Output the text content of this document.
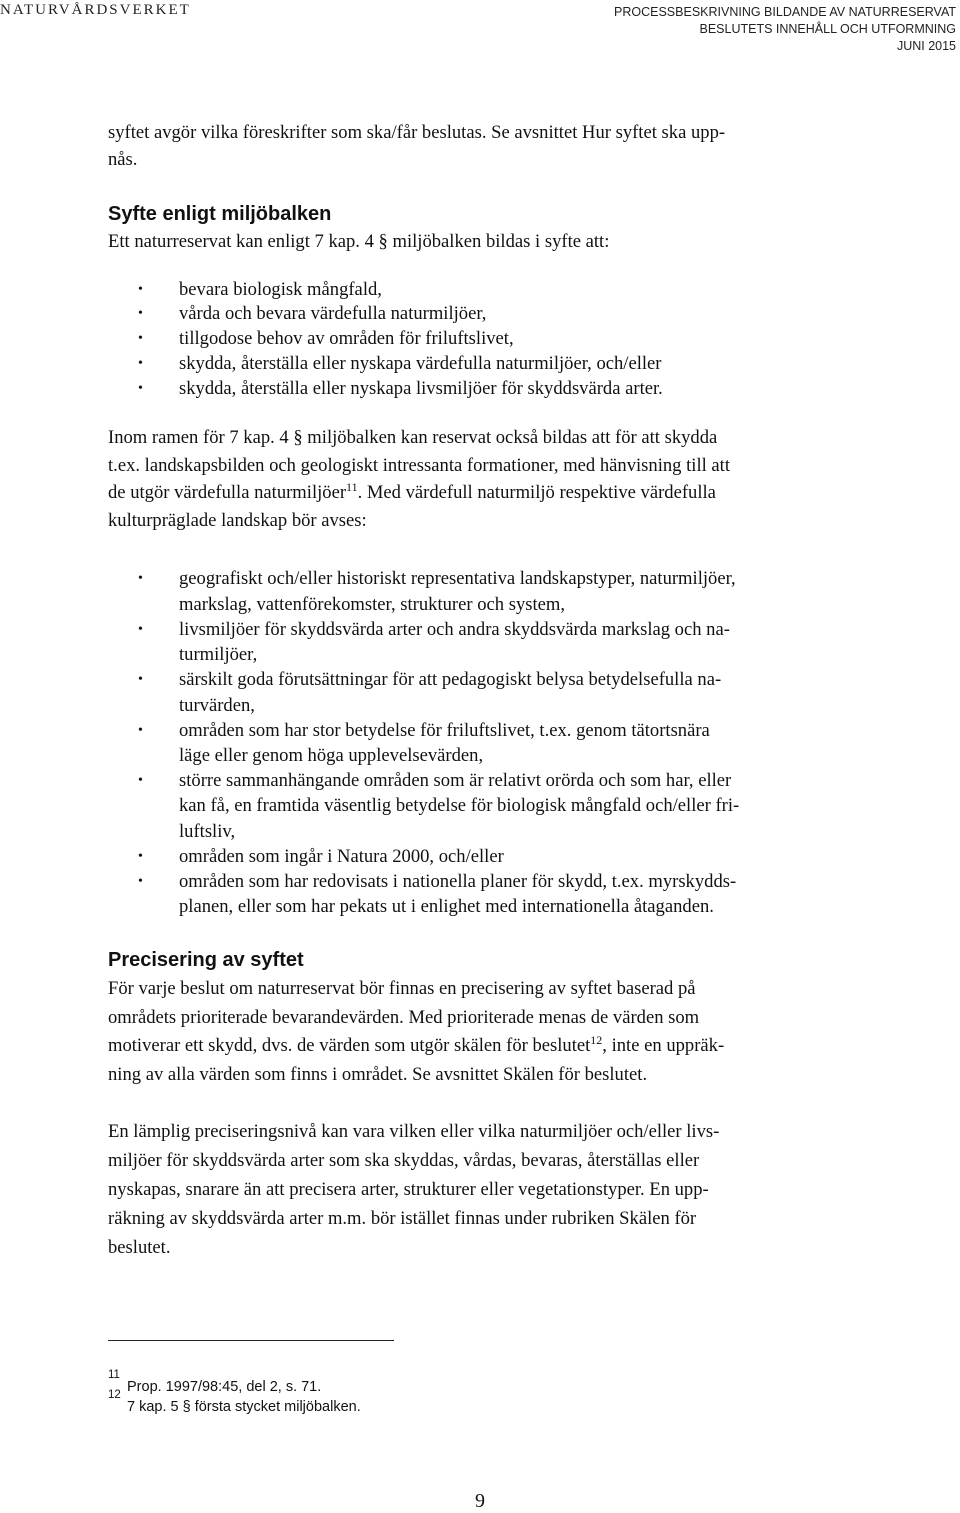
NATURVÅRDSVERKET	PROCESSBESKRIVNING BILDANDE AV NATURRESERVAT
BESLUTETS INNEHÅLL OCH UTFORMNING
JUNI 2015

syftet avgör vilka föreskrifter som ska/får beslutas. Se avsnittet Hur syftet ska upp-
nås.

Syfte enligt miljöbalken

Ett naturreservat kan enligt 7 kap. 4 § miljöbalken bildas i syfte att:

• bevara biologisk mångfald,
• vårda och bevara värdefulla naturmiljöer,
• tillgodose behov av områden för friluftslivet,
• skydda, återställa eller nyskapa värdefulla naturmiljöer, och/eller
• skydda, återställa eller nyskapa livsmiljöer för skyddsvärda arter.

Inom ramen för 7 kap. 4 § miljöbalken kan reservat också bildas att för att skydda
t.ex. landskapsbilden och geologiskt intressanta formationer, med hänvisning till att
de utgör värdefulla naturmiljöer$^{11}$. Med värdefull naturmiljö respektive värdefulla
kulturpräglade landskap bör avses:

• geografiskt och/eller historiskt representativa landskapstyper, naturmiljöer,
markslag, vattenförekomster, strukturer och system,
• livsmiljöer för skyddsvärda arter och andra skyddsvärda markslag och na-
turmiljöer,
• särskilt goda förutsättningar för att pedagogiskt belysa betydelsefulla na-
turvärden,
• områden som har stor betydelse för friluftslivet, t.ex. genom tätortsnära
läge eller genom höga upplevelsevärden,
• större sammanhängande områden som är relativt orörda och som har, eller
kan få, en framtida väsentlig betydelse för biologisk mångfald och/eller fri-
luftsliv,
• områden som ingår i Natura 2000, och/eller
• områden som har redovisats i nationella planer för skydd, t.ex. myrskydds-
planen, eller som har pekats ut i enlighet med internationella åtaganden.
Precisering av syftet

För varje beslut om naturreservat bör finnas en precisering av syftet baserad på
områdets prioriterade bevarandevärden. Med prioriterade menas de värden som
motiverar ett skydd, dvs. de värden som utgör skälen för beslutet$^{12}$, inte en uppräk-
ning av alla värden som finns i området. Se avsnittet Skälen för beslutet.

En lämplig preciseringsnivå kan vara vilken eller vilka naturmiljöer och/eller livs-
miljöer för skyddsvärda arter som ska skyddas, vårdas, bevaras, återställas eller
nyskapas, snarare än att precisera arter, strukturer eller vegetationstyper. En upp-
räkning av skyddsvärda arter m.m. bör istället finnas under rubriken Skälen för
beslutet.

11
Prop. 1997/98:45, del 2, s. 71.
12
7 kap. 5 § första stycket miljöbalken.
9
